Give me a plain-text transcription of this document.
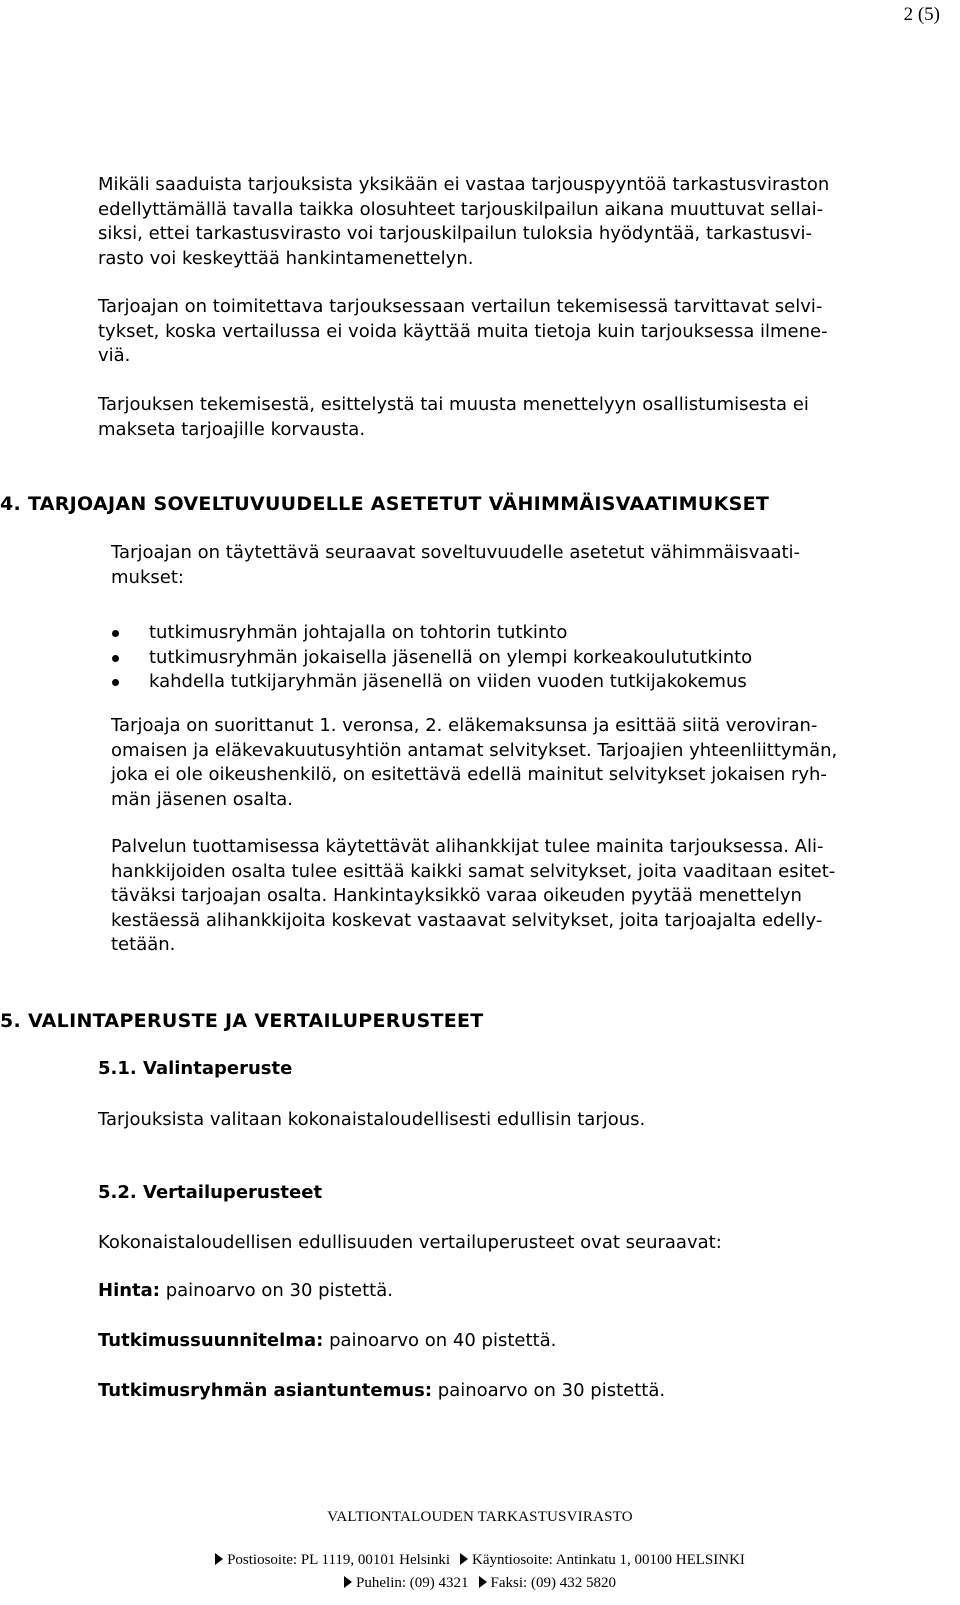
2 (5)

Mikäli saaduista tarjouksista yksikään ei vastaa tarjouspyyntöä tarkastusviraston

edellyttämällä tavalla taikka olosuhteet tarjouskilpailun aikana muuttuvat sellai-

siksi, ettei tarkastusvirasto voi tarjouskilpailun tuloksia hyödyntää, tarkastusvi-

rasto voi keskeyttää hankintamenettelyn.

Tarjoajan on toimitettava tarjouksessaan vertailun tekemisessä tarvittavat selvi-

tykset, koska vertailussa ei voida käyttää muita tietoja kuin tarjouksessa ilmene-

viä.

Tarjouksen tekemisestä, esittelystä tai muusta menettelyyn osallistumisesta ei

makseta tarjoajille korvausta.

4. TARJOAJAN SOVELTUVUUDELLE ASETETUT VÄHIMMÄISVAATIMUKSET

Tarjoajan on täytettävä seuraavat soveltuvuudelle asetetut vähimmäisvaati-

mukset:

tutkimusryhmän johtajalla on tohtorin tutkinto
tutkimusryhmän jokaisella jäsenellä on ylempi korkeakoulututkinto
kahdella tutkijaryhmän jäsenellä on viiden vuoden tutkijakokemus

Tarjoaja on suorittanut 1. veronsa, 2. eläkemaksunsa ja esittää siitä veroviran-

omaisen ja eläkevakuutusyhtiön antamat selvitykset. Tarjoajien yhteenliittymän,

joka ei ole oikeushenkilö, on esitettävä edellä mainitut selvitykset jokaisen ryh-

män jäsenen osalta.

Palvelun tuottamisessa käytettävät alihankkijat tulee mainita tarjouksessa. Ali-

hankkijoiden osalta tulee esittää kaikki samat selvitykset, joita vaaditaan esitet-

täväksi tarjoajan osalta. Hankintayksikkö varaa oikeuden pyytää menettelyn

kestäessä alihankkijoita koskevat vastaavat selvitykset, joita tarjoajalta edelly-

tetään.

5. VALINTAPERUSTE JA VERTAILUPERUSTEET
5.1. Valintaperuste
Tarjouksista valitaan kokonaistaloudellisesti edullisin tarjous.
5.2. Vertailuperusteet
Kokonaistaloudellisen edullisuuden vertailuperusteet ovat seuraavat:
Hinta: painoarvo on 30 pistettä.
Tutkimussuunnitelma: painoarvo on 40 pistettä.
Tutkimusryhmän asiantuntemus: painoarvo on 30 pistettä.
VALTIONTALOUDEN TARKASTUSVIRASTO
Postiosoite: PL 1119, 00101 Helsinki Käyntiosoite: Antinkatu 1, 00100 HELSINKI
Puhelin: (09) 4321 Faksi: (09) 432 5820
